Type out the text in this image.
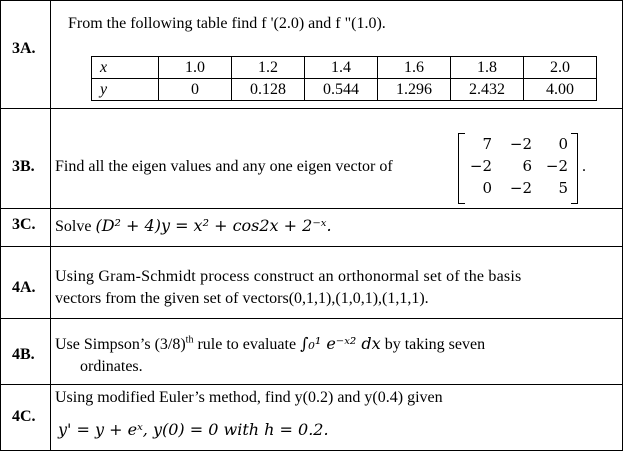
3A.
From the following table find f '(2.0) and f "(1.0).
x	1.0	1.2	1.4	1.6	1.8	2.0
y	0	0.128	0.544	1.296	2.432	4.00
3B. Find all the eigen values and any one eigen vector of
7	−2	0
−2	6 −2
0	−2	5
.
3C. Solve (D² + 4)y = x² + cos2x + 2⁻ˣ.
4A.
Using Gram-Schmidt process construct an orthonormal set of the basis
vectors from the given set of vectors(0,1,1),(1,0,1),(1,1,1).
4B.
Use Simpson’s $(3/8)^{th}$ rule to evaluate ∫₀¹ e⁻ˣ² dx by taking seven
ordinates.
4C.
Using modified Euler’s method, find y(0.2) and y(0.4) given
y' = y + eˣ, y(0) = 0 with h = 0.2.
